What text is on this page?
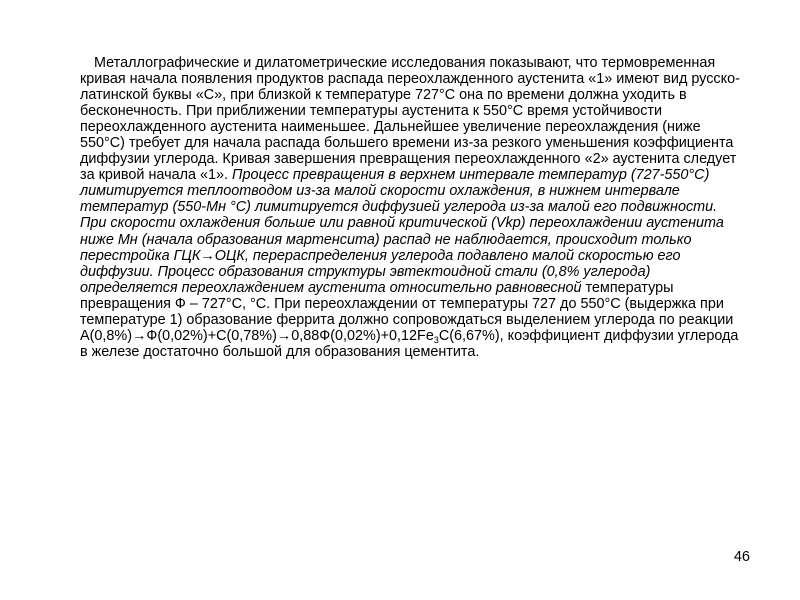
Металлографические и дилатометрические исследования показывают, что термовременная кривая начала появления продуктов распада переохлажденного аустенита «1» имеют вид русско-латинской буквы «С», при близкой к температуре 727°С она по времени должна уходить в бесконечность. При приближении температуры аустенита к 550°С время устойчивости переохлажденного аустенита наименьшее. Дальнейшее увеличение переохлаждения (ниже 550°С) требует для начала распада большего времени из-за резкого уменьшения коэффициента диффузии углерода. Кривая завершения превращения переохлажденного «2» аустенита следует за кривой начала «1». Процесс превращения в верхнем интервале температур (727-550°С) лимитируется теплоотводом из-за малой скорости охлаждения, в нижнем интервале температур (550-Мн °С) лимитируется диффузией углерода из-за малой его подвижности. При скорости охлаждения больше или равной критической (Vkp) переохлаждении аустенита ниже Мн (начала образования мартенсита) распад не наблюдается, происходит только перестройка ГЦК→ОЦК, перераспределения углерода подавлено малой скоростью его диффузии. Процесс образования структуры эвтектоидной стали (0,8% углерода) определяется переохлаждением аустенита относительно равновесной температуры превращения Ф – 727°С, °С. При переохлаждении от температуры 727 до 550°С (выдержка при температуре 1) образование феррита должно сопровождаться выделением углерода по реакции $А(0,8\%)\to Ф(0,02\%)+С(0,78\%)\to 0,88Ф(0,02\%)+0,12Fe_3С(6,67\%)$, коэффициент диффузии углерода в железе достаточно большой для образования цементита.

46
